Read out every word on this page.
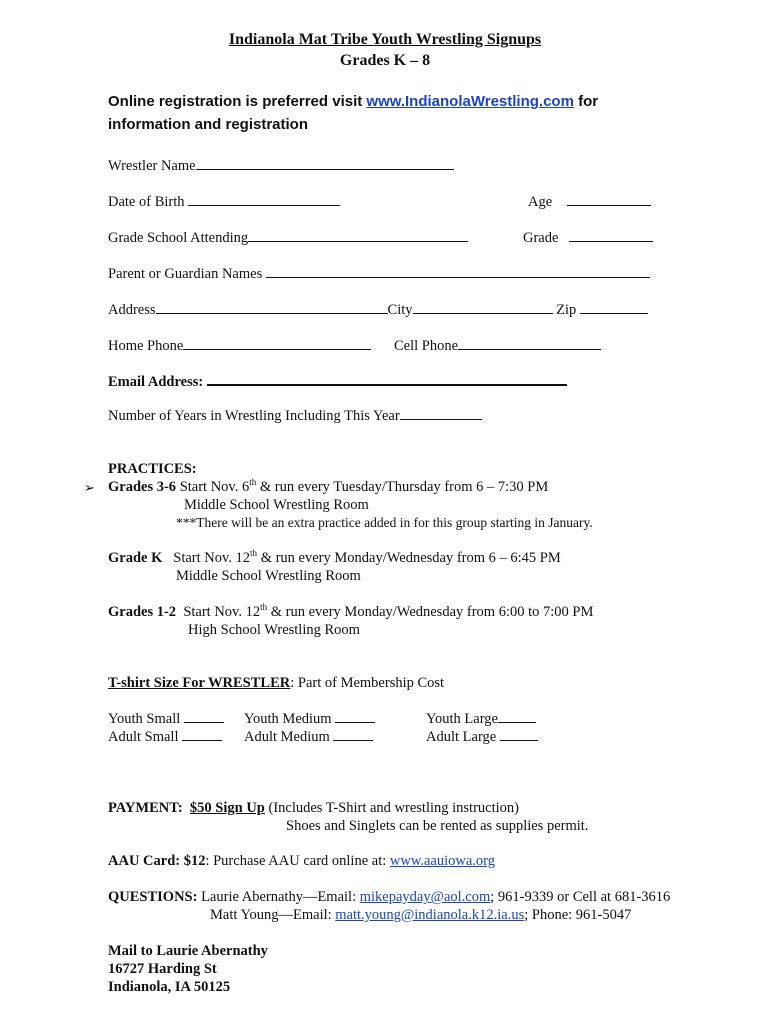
Indianola Mat Tribe Youth Wrestling Signups
Grades K – 8
Online registration is preferred visit www.IndianolaWrestling.com for
information and registration
Wrestler Name
Date of Birth	Age
Grade School Attending	Grade
Parent or Guardian Names
Address	City	Zip
Home Phone	Cell Phone
Email Address:
Number of Years in Wrestling Including This Year
PRACTICES:
➢ Grades 3-6 Start Nov. 6th & run every Tuesday/Thursday from 6 – 7:30 PM
Middle School Wrestling Room
***There will be an extra practice added in for this group starting in January.
Grade K Start Nov. 12th & run every Monday/Wednesday from 6 – 6:45 PM
Middle School Wrestling Room
Grades 1-2 Start Nov. 12th & run every Monday/Wednesday from 6:00 to 7:00 PM
High School Wrestling Room
T-shirt Size For WRESTLER: Part of Membership Cost
Youth Small	Youth Medium	Youth Large
Adult Small	Adult Medium	Adult Large
PAYMENT: $50 Sign Up (Includes T-Shirt and wrestling instruction)
Shoes and Singlets can be rented as supplies permit.
AAU Card: $12: Purchase AAU card online at: www.aauiowa.org
QUESTIONS: Laurie Abernathy—Email: mikepayday@aol.com; 961-9339 or Cell at 681-3616
Matt Young—Email: matt.young@indianola.k12.ia.us; Phone: 961-5047
Mail to Laurie Abernathy
16727 Harding St
Indianola, IA 50125
